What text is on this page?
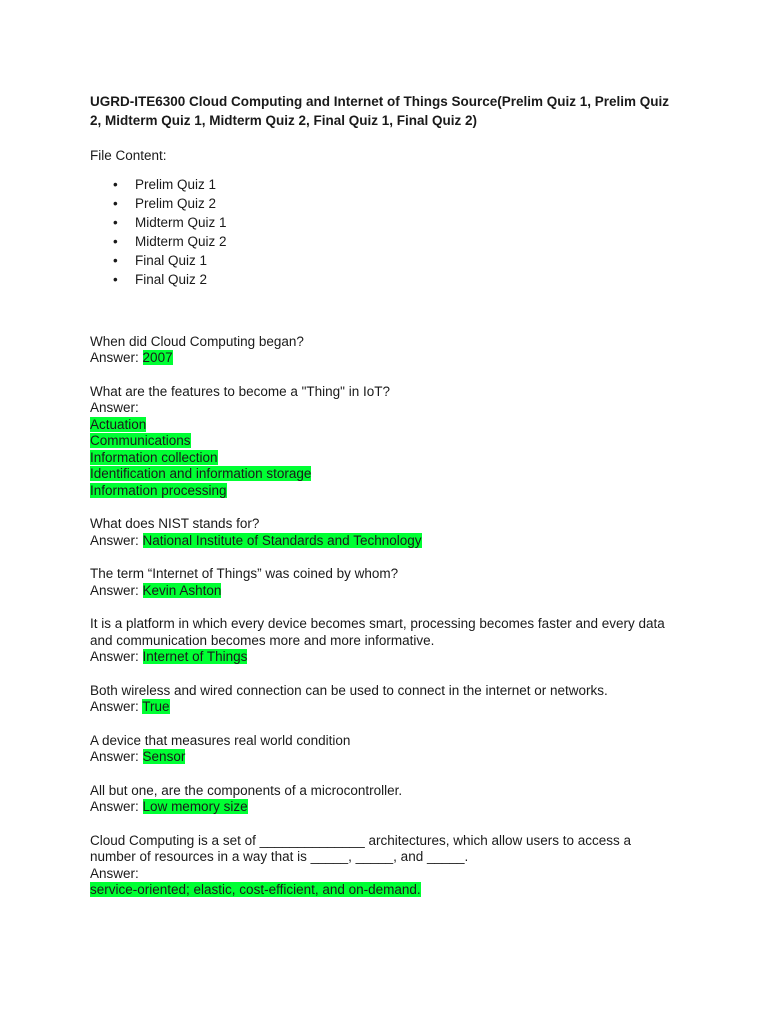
UGRD-ITE6300 Cloud Computing and Internet of Things Source(Prelim Quiz 1, Prelim Quiz 2, Midterm Quiz 1, Midterm Quiz 2, Final Quiz 1, Final Quiz 2)

File Content:
• Prelim Quiz 1
• Prelim Quiz 2
• Midterm Quiz 1
• Midterm Quiz 2
• Final Quiz 1
• Final Quiz 2
When did Cloud Computing began?
Answer: 2007
What are the features to become a "Thing" in IoT?
Answer:
Actuation
Communications
Information collection
Identification and information storage
Information processing
What does NIST stands for?
Answer: National Institute of Standards and Technology
The term “Internet of Things” was coined by whom?
Answer: Kevin Ashton
It is a platform in which every device becomes smart, processing becomes faster and every data and communication becomes more and more informative.
Answer: Internet of Things
Both wireless and wired connection can be used to connect in the internet or networks.
Answer: True
A device that measures real world condition
Answer: Sensor
All but one, are the components of a microcontroller.
Answer: Low memory size
Cloud Computing is a set of ______________ architectures, which allow users to access a number of resources in a way that is _____, _____, and _____.
Answer:
service-oriented; elastic, cost-efficient, and on-demand.
